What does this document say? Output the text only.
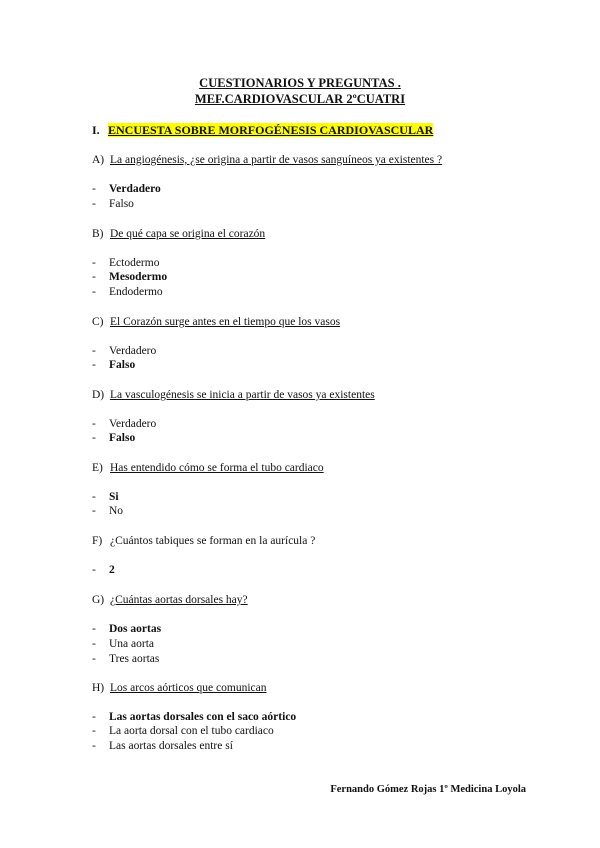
CUESTIONARIOS Y PREGUNTAS .
MEF.CARDIOVASCULAR 2ºCUATRI
I. ENCUESTA SOBRE MORFOGÉNESIS CARDIOVASCULAR
A) La angiogénesis, ¿se origina a partir de vasos sanguíneos ya existentes ?
- Verdadero
- Falso
B) De qué capa se origina el corazón
- Ectodermo
- Mesodermo
- Endodermo
C) El Corazón surge antes en el tiempo que los vasos
- Verdadero
- Falso
D) La vasculogénesis se inicia a partir de vasos ya existentes
- Verdadero
- Falso
E) Has entendido cómo se forma el tubo cardiaco
- Si
- No
F) ¿Cuántos tabiques se forman en la aurícula ?
- 2
G) ¿Cuántas aortas dorsales hay?
- Dos aortas
- Una aorta
- Tres aortas
H) Los arcos aórticos que comunican
- Las aortas dorsales con el saco aórtico
- La aorta dorsal con el tubo cardiaco
- Las aortas dorsales entre sí
Fernando Gómez Rojas 1º Medicina Loyola
